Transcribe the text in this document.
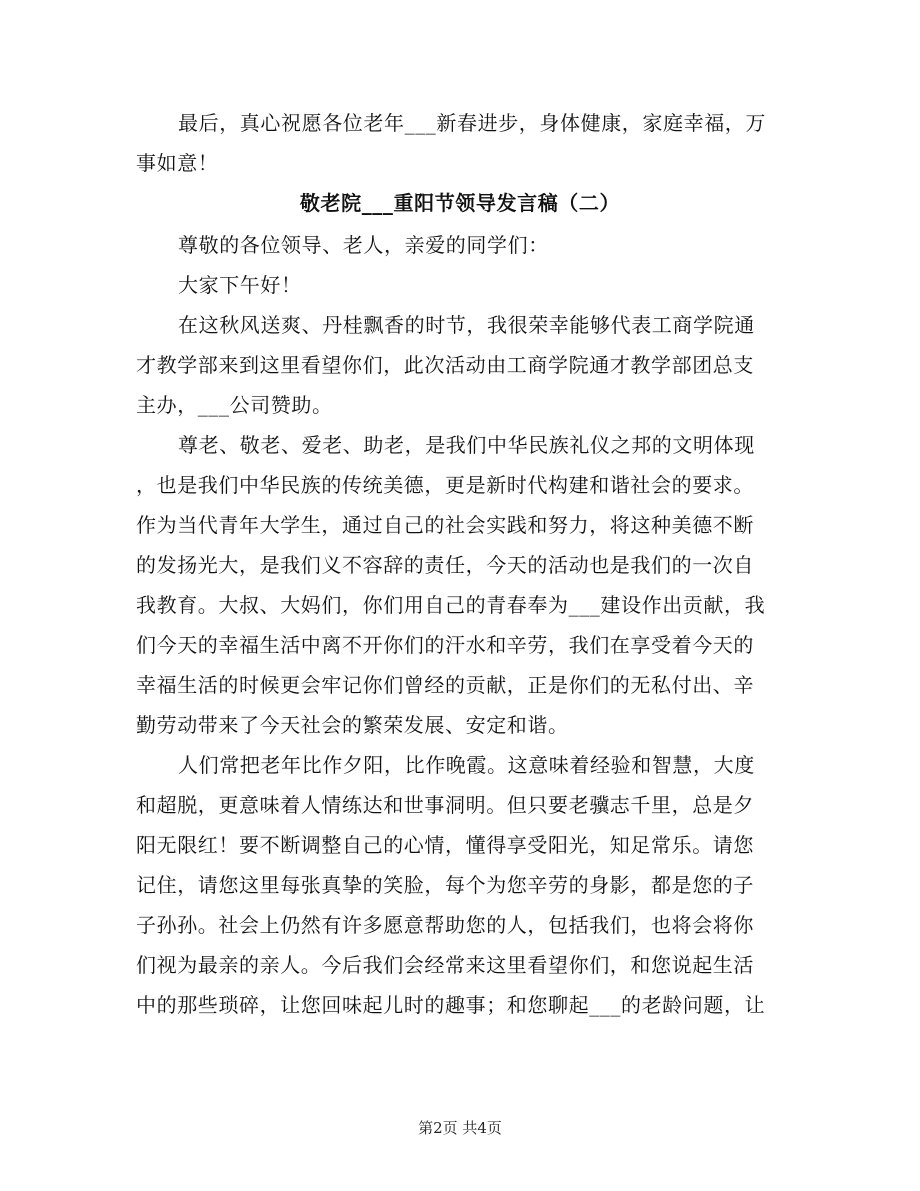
最后，真心祝愿各位老年___新春进步，身体健康，家庭幸福，万
事如意！
敬老院___重阳节领导发言稿（二）
尊敬的各位领导、老人，亲爱的同学们：
大家下午好！
在这秋风送爽、丹桂飘香的时节，我很荣幸能够代表工商学院通
才教学部来到这里看望你们，此次活动由工商学院通才教学部团总支
主办，___公司赞助。
尊老、敬老、爱老、助老，是我们中华民族礼仪之邦的文明体现
，也是我们中华民族的传统美德，更是新时代构建和谐社会的要求。
作为当代青年大学生，通过自己的社会实践和努力，将这种美德不断
的发扬光大，是我们义不容辞的责任，今天的活动也是我们的一次自
我教育。大叔、大妈们，你们用自己的青春奉为___建设作出贡献，我
们今天的幸福生活中离不开你们的汗水和辛劳，我们在享受着今天的
幸福生活的时候更会牢记你们曾经的贡献，正是你们的无私付出、辛
勤劳动带来了今天社会的繁荣发展、安定和谐。
人们常把老年比作夕阳，比作晚霞。这意味着经验和智慧，大度
和超脱，更意味着人情练达和世事洞明。但只要老骥志千里，总是夕
阳无限红！要不断调整自己的心情，懂得享受阳光，知足常乐。请您
记住，请您这里每张真挚的笑脸，每个为您辛劳的身影，都是您的子
子孙孙。社会上仍然有许多愿意帮助您的人，包括我们，也将会将你
们视为最亲的亲人。今后我们会经常来这里看望你们，和您说起生活
中的那些琐碎，让您回味起儿时的趣事；和您聊起___的老龄问题，让
第2页 共4页
